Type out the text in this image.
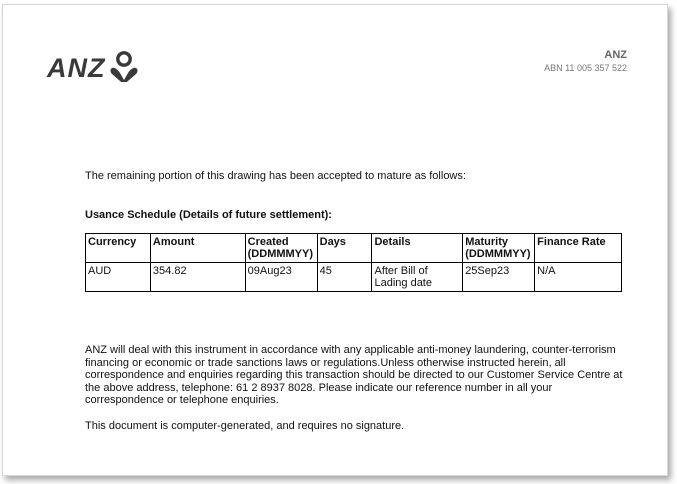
ANZ	ANZ
ABN 11 005 357 522
The remaining portion of this drawing has been accepted to mature as follows:
Usance Schedule (Details of future settlement):
Currency	Amount	Created (DDMMMYY)	Days	Details	Maturity (DDMMMYY)	Finance Rate
AUD	354.82	09Aug23	45	After Bill of Lading date	25Sep23	N/A
ANZ will deal with this instrument in accordance with any applicable anti-money laundering, counter-terrorism financing or economic or trade sanctions laws or regulations.Unless otherwise instructed herein, all correspondence and enquiries regarding this transaction should be directed to our Customer Service Centre at the above address, telephone: 61 2 8937 8028. Please indicate our reference number in all your correspondence or telephone enquiries.
This document is computer-generated, and requires no signature.
